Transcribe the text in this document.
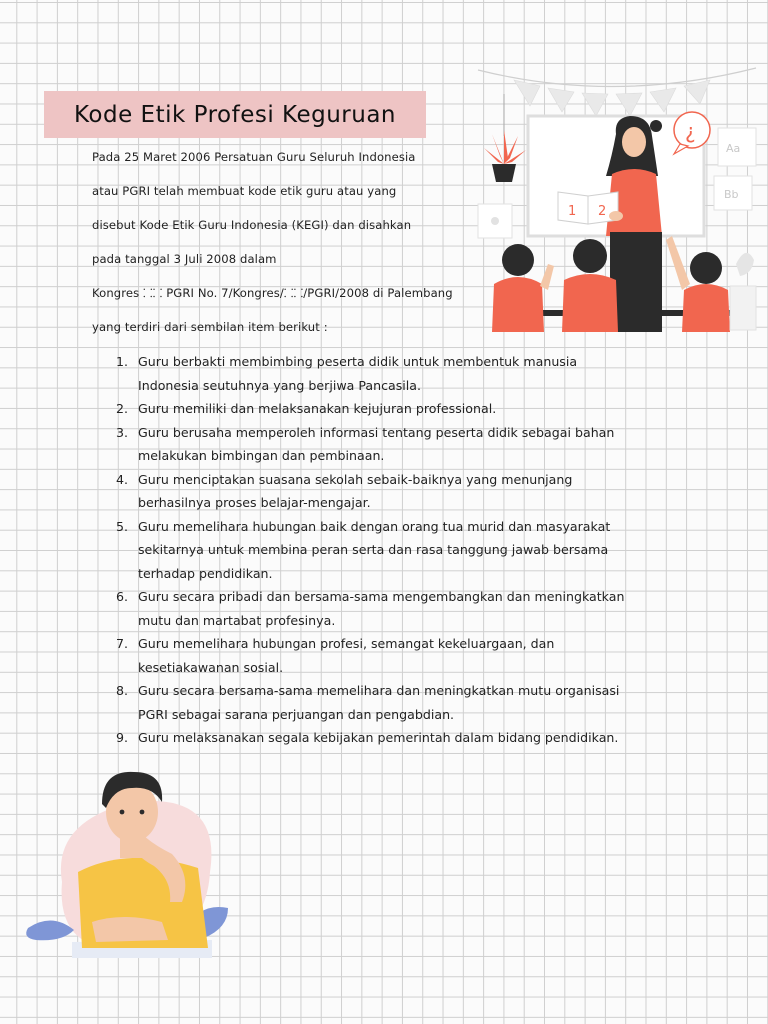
Kode Etik Profesi Keguruan
Pada 25 Maret 2006 Persatuan Guru Seluruh Indonesia
atau PGRI telah membuat kode etik guru atau yang
disebut Kode Etik Guru Indonesia (KEGI) dan disahkan
pada tanggal 3 Juli 2008 dalam
Kongres ⸬⸬ PGRI No. 7/Kongres/⸬⸬/PGRI/2008 di Palembang
yang terdiri dari sembilan item berikut :
1. Guru berbakti membimbing peserta didik untuk membentuk manusia
Indonesia seutuhnya yang berjiwa Pancasila.
2. Guru memiliki dan melaksanakan kejujuran professional.
3. Guru berusaha memperoleh informasi tentang peserta didik sebagai bahan
melakukan bimbingan dan pembinaan.
4. Guru menciptakan suasana sekolah sebaik-baiknya yang menunjang
berhasilnya proses belajar-mengajar.
5. Guru memelihara hubungan baik dengan orang tua murid dan masyarakat
sekitarnya untuk membina peran serta dan rasa tanggung jawab bersama
terhadap pendidikan.
6. Guru secara pribadi dan bersama-sama mengembangkan dan meningkatkan
mutu dan martabat profesinya.
7. Guru memelihara hubungan profesi, semangat kekeluargaan, dan
kesetiakawanan sosial.
8. Guru secara bersama-sama memelihara dan meningkatkan mutu organisasi
PGRI sebagai sarana perjuangan dan pengabdian.
9. Guru melaksanakan segala kebijakan pemerintah dalam bidang pendidikan.
Aa
Bb
¿
1 2
